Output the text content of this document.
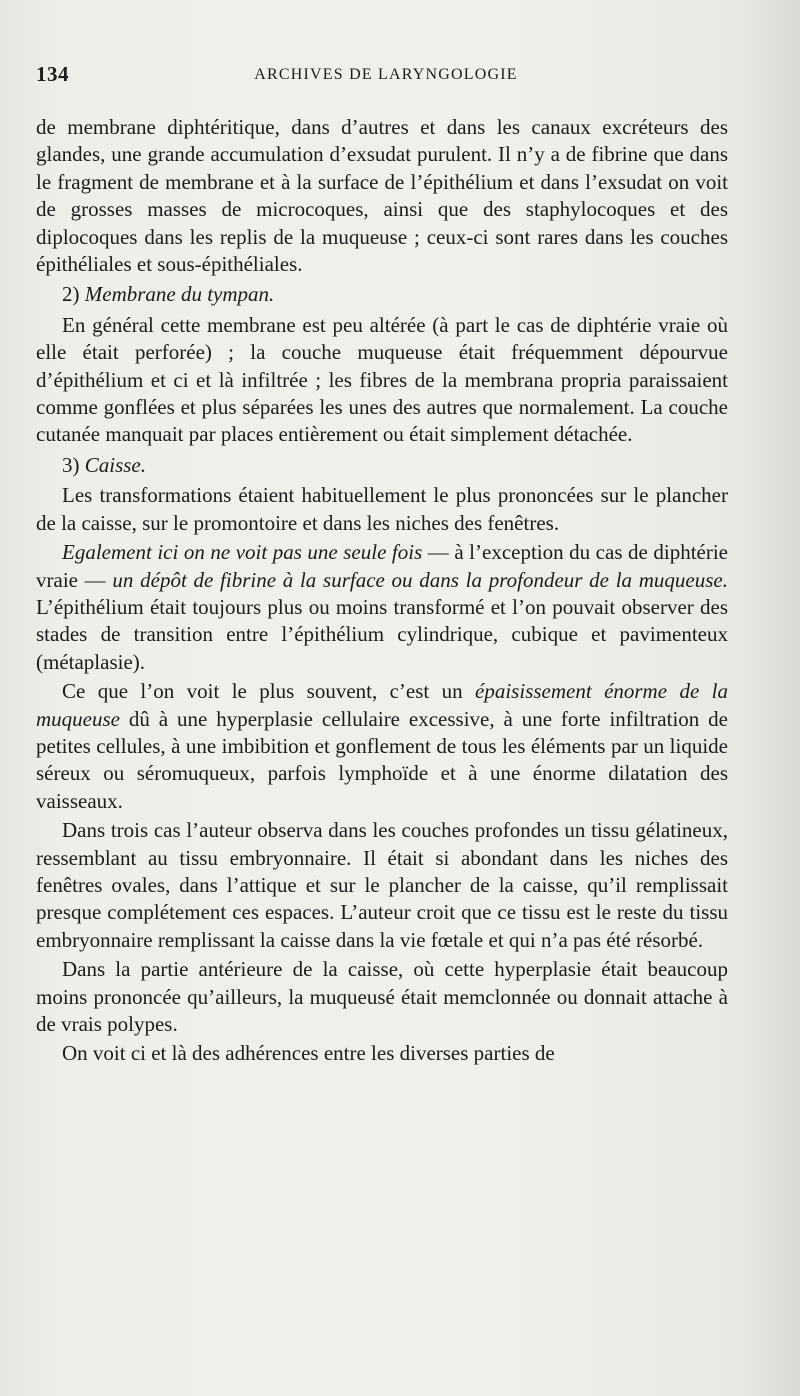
134	ARCHIVES DE LARYNGOLOGIE

de membrane diphtéritique, dans d’autres et dans les canaux excréteurs des glandes, une grande accumulation d’exsudat purulent. Il n’y a de fibrine que dans le fragment de membrane et à la surface de l’épithélium et dans l’exsudat on voit de grosses masses de microcoques, ainsi que des staphylocoques et des diplocoques dans les replis de la muqueuse ; ceux-ci sont rares dans les couches épithéliales et sous-épithéliales.

2) Membrane du tympan.

En général cette membrane est peu altérée (à part le cas de diphtérie vraie où elle était perforée) ; la couche muqueuse était fréquemment dépourvue d’épithélium et ci et là infiltrée ; les fibres de la membrana propria paraissaient comme gonflées et plus séparées les unes des autres que normalement. La couche cutanée manquait par places entièrement ou était simplement détachée.

3) Caisse.

Les transformations étaient habituellement le plus prononcées sur le plancher de la caisse, sur le promontoire et dans les niches des fenêtres.

Egalement ici on ne voit pas une seule fois — à l’exception du cas de diphtérie vraie — un dépôt de fibrine à la surface ou dans la profondeur de la muqueuse. L’épithélium était toujours plus ou moins transformé et l’on pouvait observer des stades de transition entre l’épithélium cylindrique, cubique et pavimenteux (métaplasie).

Ce que l’on voit le plus souvent, c’est un épaisissement énorme de la muqueuse dû à une hyperplasie cellulaire excessive, à une forte infiltration de petites cellules, à une imbibition et gonflement de tous les éléments par un liquide séreux ou séromuqueux, parfois lymphoïde et à une énorme dilatation des vaisseaux.

Dans trois cas l’auteur observa dans les couches profondes un tissu gélatineux, ressemblant au tissu embryonnaire. Il était si abondant dans les niches des fenêtres ovales, dans l’attique et sur le plancher de la caisse, qu’il remplissait presque complétement ces espaces. L’auteur croit que ce tissu est le reste du tissu embryonnaire remplissant la caisse dans la vie fœtale et qui n’a pas été résorbé.

Dans la partie antérieure de la caisse, où cette hyperplasie était beaucoup moins prononcée qu’ailleurs, la muqueusé était memclonnée ou donnait attache à de vrais polypes.

On voit ci et là des adhérences entre les diverses parties de
